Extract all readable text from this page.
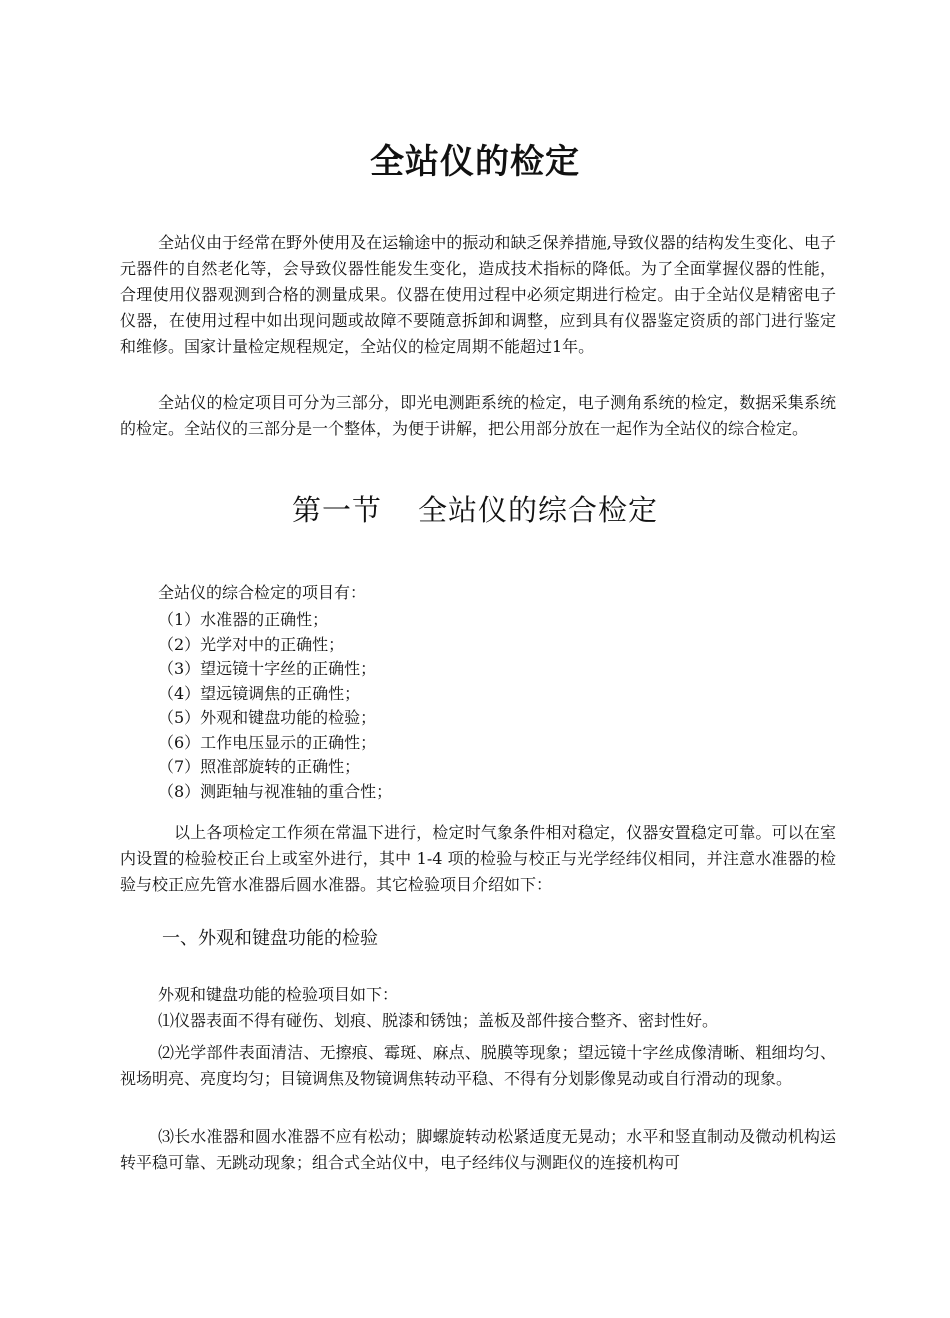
全站仪的检定
全站仪由于经常在野外使用及在运输途中的振动和缺乏保养措施,导致仪器的结构发生变化、电子元器件的自然老化等，会导致仪器性能发生变化，造成技术指标的降低。为了全面掌握仪器的性能，合理使用仪器观测到合格的测量成果。仪器在使用过程中必须定期进行检定。由于全站仪是精密电子仪器，在使用过程中如出现问题或故障不要随意拆卸和调整，应到具有仪器鉴定资质的部门进行鉴定和维修。国家计量检定规程规定，全站仪的检定周期不能超过1年。
全站仪的检定项目可分为三部分，即光电测距系统的检定，电子测角系统的检定，数据采集系统的检定。全站仪的三部分是一个整体，为便于讲解，把公用部分放在一起作为全站仪的综合检定。
第一节 全站仪的综合检定
全站仪的综合检定的项目有：
（1）水准器的正确性；
（2）光学对中的正确性；
（3）望远镜十字丝的正确性；
（4）望远镜调焦的正确性；
（5）外观和键盘功能的检验；
（6）工作电压显示的正确性；
（7）照准部旋转的正确性；
（8）测距轴与视准轴的重合性；
以上各项检定工作须在常温下进行，检定时气象条件相对稳定，仪器安置稳定可靠。可以在室内设置的检验校正台上或室外进行，其中 1-4 项的检验与校正与光学经纬仪相同，并注意水准器的检验与校正应先管水准器后圆水准器。其它检验项目介绍如下：
一、外观和键盘功能的检验
外观和键盘功能的检验项目如下：
⑴仪器表面不得有碰伤、划痕、脱漆和锈蚀；盖板及部件接合整齐、密封性好。
⑵光学部件表面清洁、无擦痕、霉斑、麻点、脱膜等现象；望远镜十字丝成像清晰、粗细均匀、视场明亮、亮度均匀；目镜调焦及物镜调焦转动平稳、不得有分划影像晃动或自行滑动的现象。
⑶长水准器和圆水准器不应有松动；脚螺旋转动松紧适度无晃动；水平和竖直制动及微动机构运转平稳可靠、无跳动现象；组合式全站仪中，电子经纬仪与测距仪的连接机构可
